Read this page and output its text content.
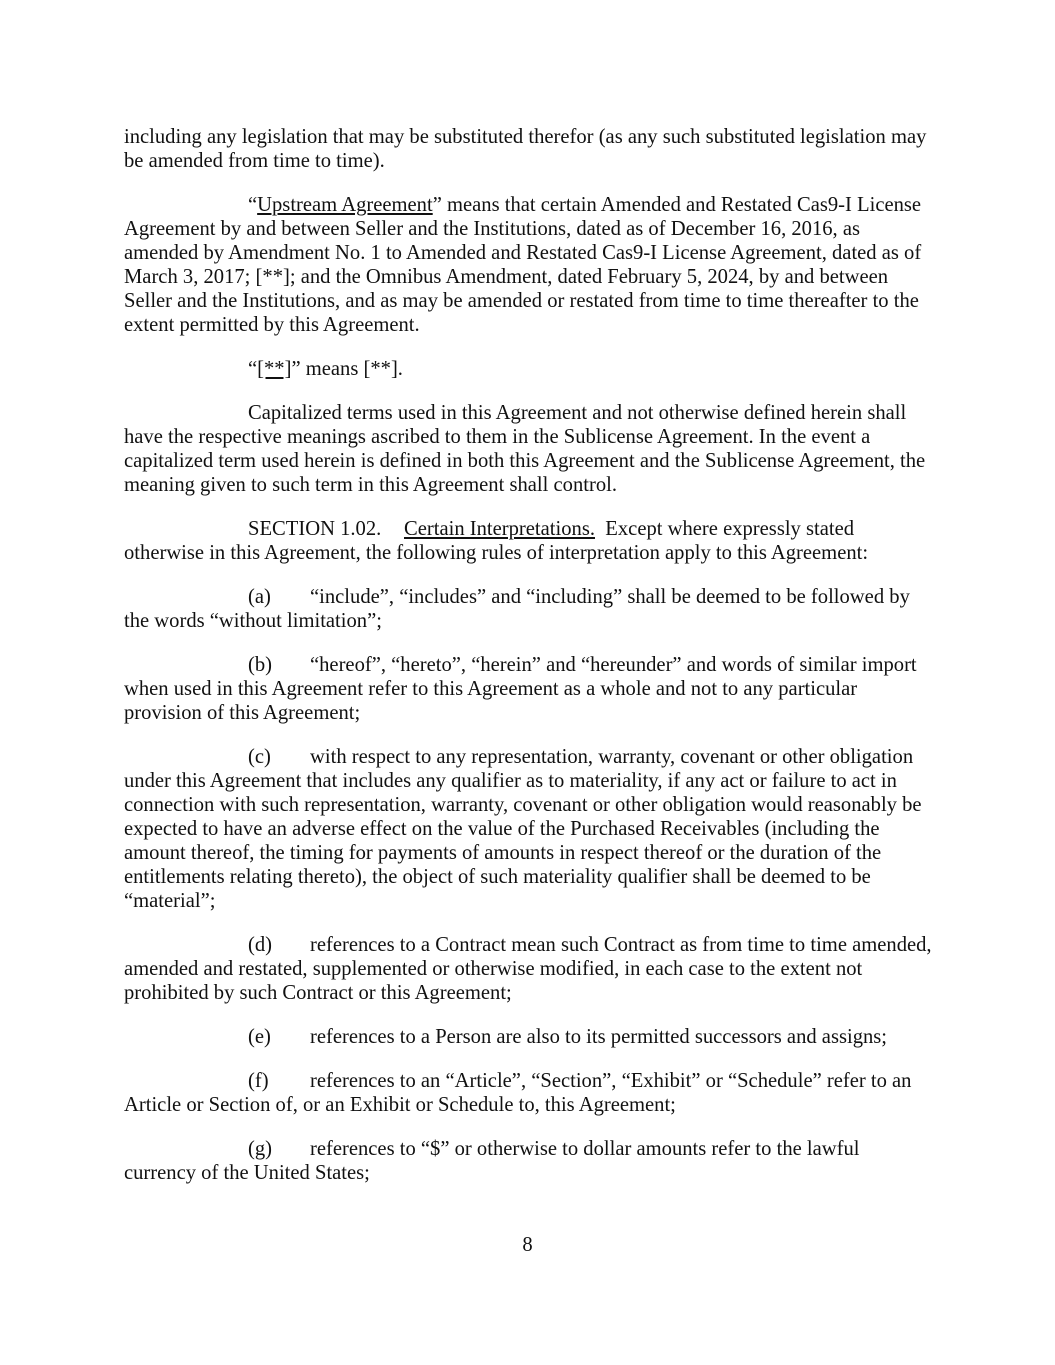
including any legislation that may be substituted therefor (as any such substituted legislation may be amended from time to time).

“Upstream Agreement” means that certain Amended and Restated Cas9-I License Agreement by and between Seller and the Institutions, dated as of December 16, 2016, as amended by Amendment No. 1 to Amended and Restated Cas9-I License Agreement, dated as of March 3, 2017; [**]; and the Omnibus Amendment, dated February 5, 2024, by and between Seller and the Institutions, and as may be amended or restated from time to time thereafter to the extent permitted by this Agreement.

“[**]” means [**].

Capitalized terms used in this Agreement and not otherwise defined herein shall have the respective meanings ascribed to them in the Sublicense Agreement. In the event a capitalized term used herein is defined in both this Agreement and the Sublicense Agreement, the meaning given to such term in this Agreement shall control.

SECTION 1.02. Certain Interpretations.  Except where expressly stated otherwise in this Agreement, the following rules of interpretation apply to this Agreement:

(a) “include”, “includes” and “including” shall be deemed to be followed by the words “without limitation”;

(b) “hereof”, “hereto”, “herein” and “hereunder” and words of similar import when used in this Agreement refer to this Agreement as a whole and not to any particular provision of this Agreement;

(c) with respect to any representation, warranty, covenant or other obligation under this Agreement that includes any qualifier as to materiality, if any act or failure to act in connection with such representation, warranty, covenant or other obligation would reasonably be expected to have an adverse effect on the value of the Purchased Receivables (including the amount thereof, the timing for payments of amounts in respect thereof or the duration of the entitlements relating thereto), the object of such materiality qualifier shall be deemed to be “material”;

(d) references to a Contract mean such Contract as from time to time amended, amended and restated, supplemented or otherwise modified, in each case to the extent not prohibited by such Contract or this Agreement;

(e) references to a Person are also to its permitted successors and assigns;

(f) references to an “Article”, “Section”, “Exhibit” or “Schedule” refer to an Article or Section of, or an Exhibit or Schedule to, this Agreement;

(g) references to “$” or otherwise to dollar amounts refer to the lawful currency of the United States;

8
